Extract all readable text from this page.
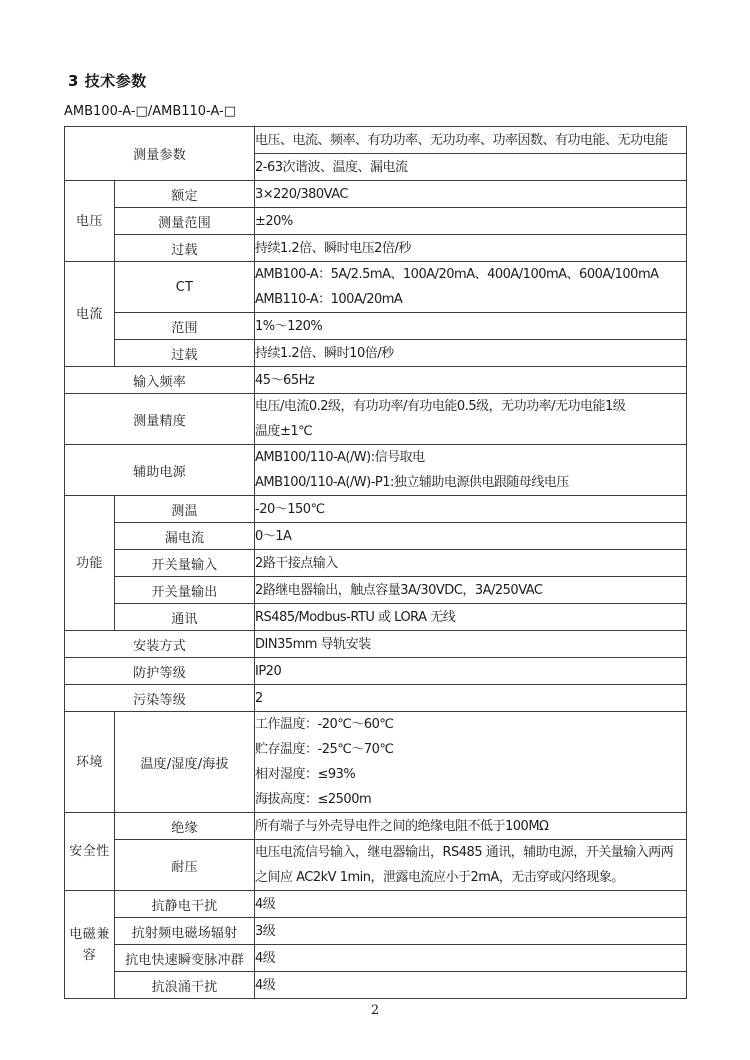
3 技术参数
AMB100-A-□/AMB110-A-□
测量参数		电压、电流、频率、有功功率、无功功率、功率因数、有功电能、无功电能

		2-63次谐波、温度、漏电流

电压	额定	3×220/380VAC

	测量范围	±20%

	过载	持续1.2倍、瞬时电压2倍/秒

电流	CT	AMB100-A：5A/2.5mA、100A/20mA、400A/100mA、600A/100mA
AMB110-A：100A/20mA

	范围	1%～120%

	过载	持续1.2倍、瞬时10倍/秒

输入频率		45～65Hz

测量精度		电压/电流0.2级，有功功率/有功电能0.5级，无功功率/无功电能1级
温度±1℃

辅助电源		AMB100/110-A(/W):信号取电
AMB100/110-A(/W)-P1:独立辅助电源供电跟随母线电压

功能	测温	-20～150℃

	漏电流	0～1A

	开关量输入	2路干接点输入

	开关量输出	2路继电器输出，触点容量3A/30VDC，3A/250VAC

	通讯	RS485/Modbus-RTU 或 LORA 无线

安装方式		DIN35mm 导轨安装

防护等级		IP20

污染等级		2

环境	温度/湿度/海拔	工作温度：-20℃～60℃
贮存温度：-25℃～70℃
相对湿度：≤93%
海拔高度：≤2500m

安全性	绝缘	所有端子与外壳导电件之间的绝缘电阻不低于100MΩ

	耐压	电压电流信号输入，继电器输出，RS485 通讯，辅助电源，开关量输入两两
之间应 AC2kV 1min，泄露电流应小于2mA，无击穿或闪络现象。

电磁兼容	抗静电干扰	4级

	抗射频电磁场辐射	3级

	抗电快速瞬变脉冲群	4级

	抗浪涌干扰	4级
2
